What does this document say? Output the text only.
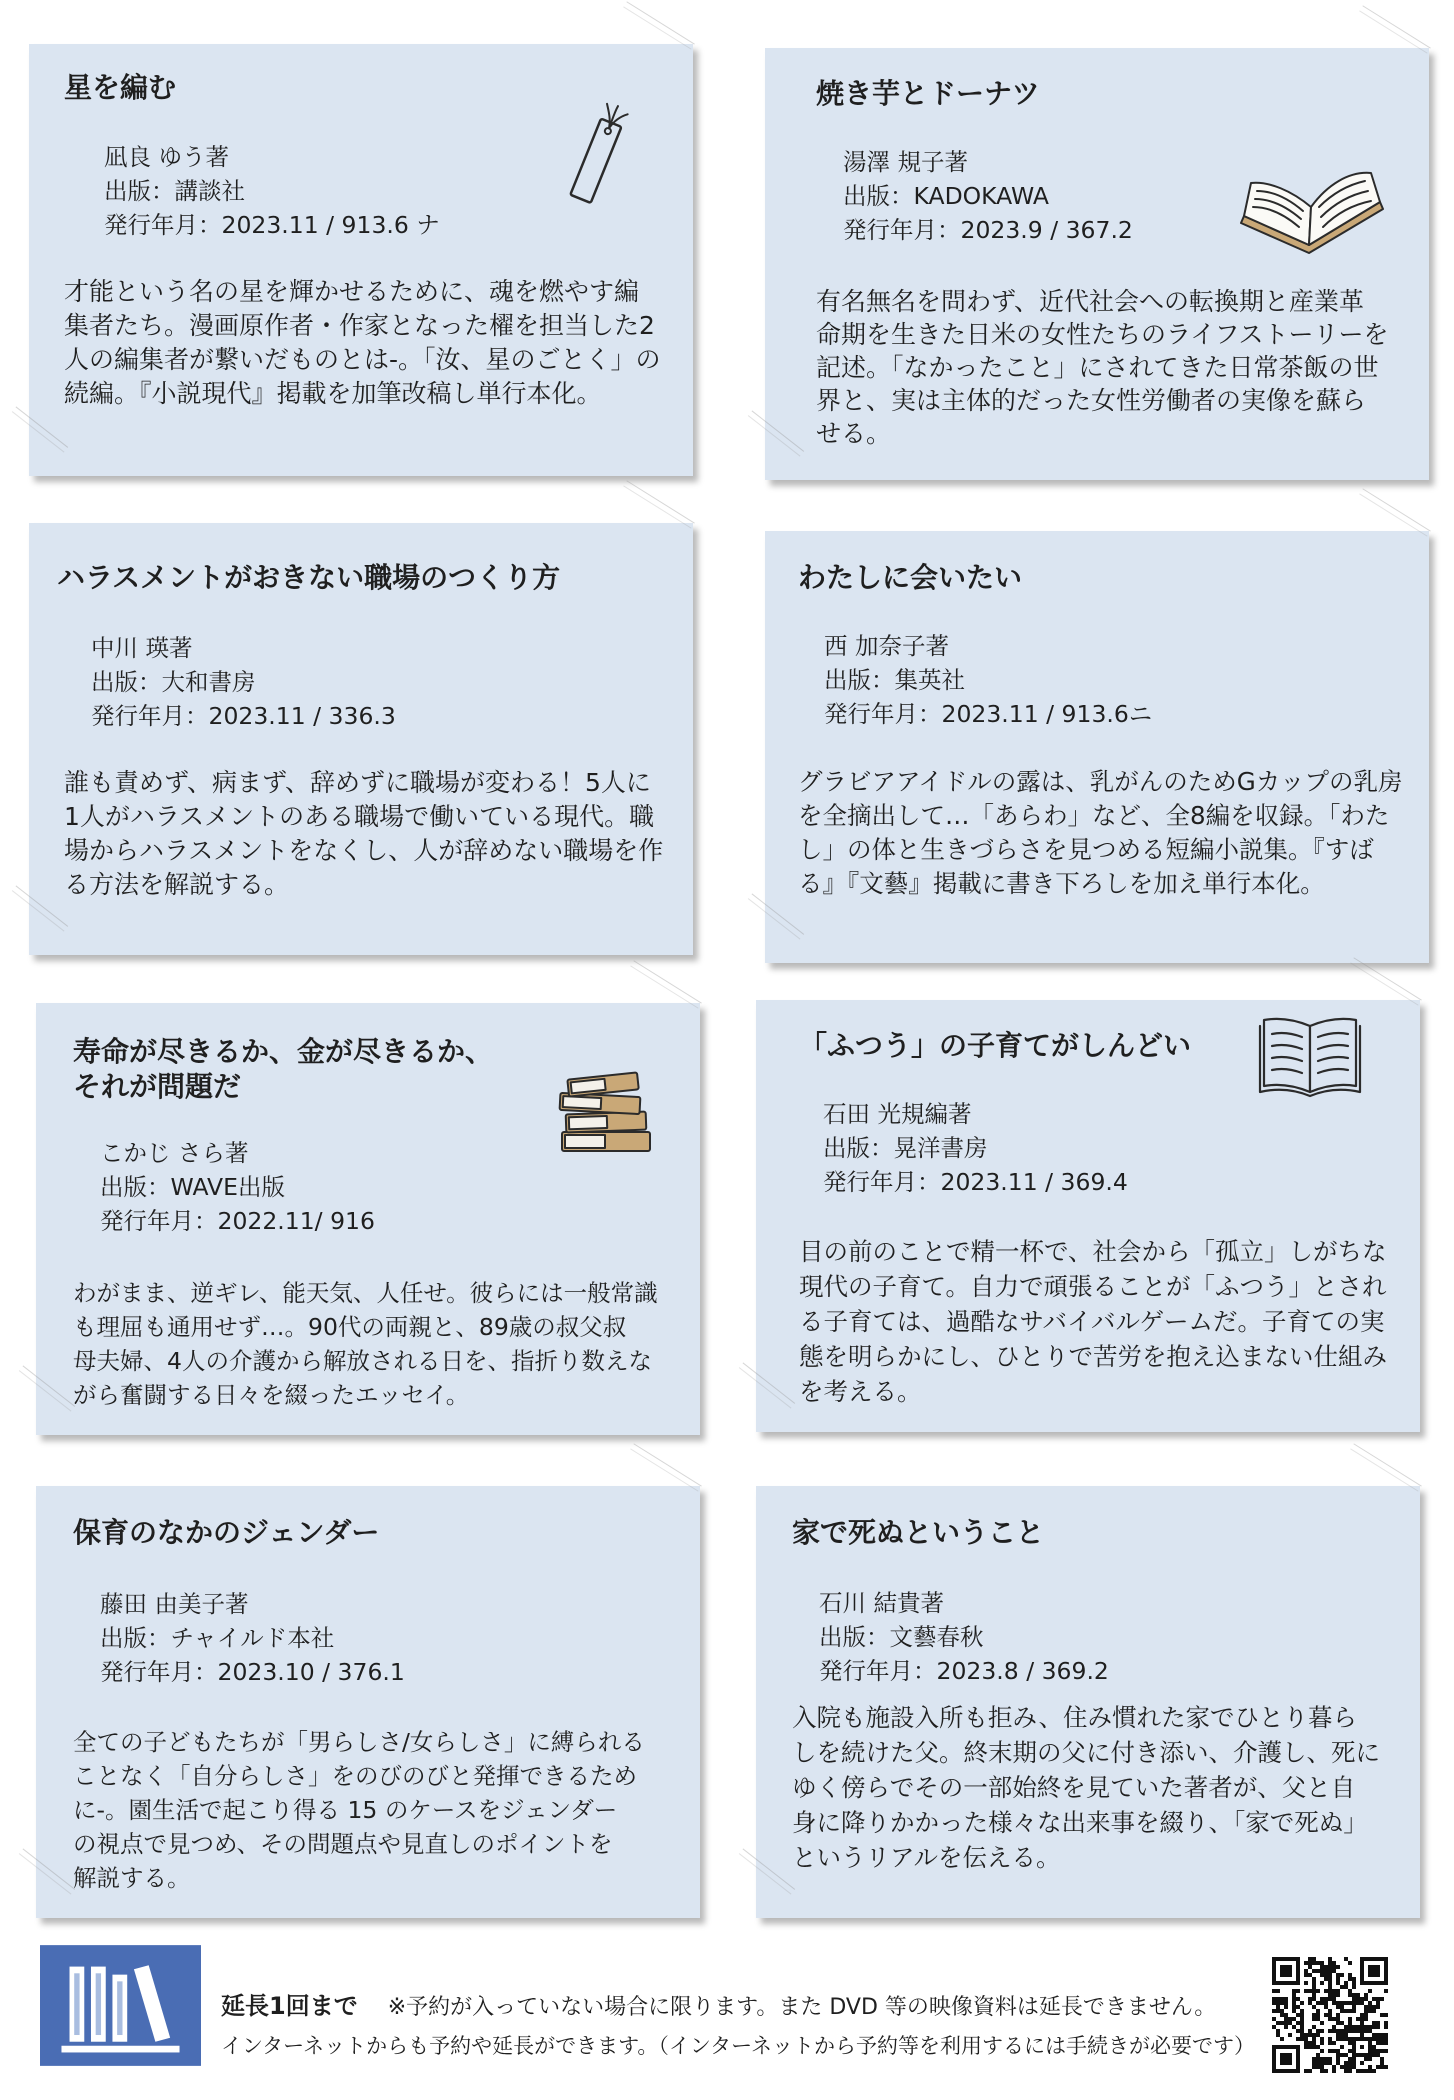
星を編む
凪良 ゆう著
出版：講談社
発行年月：2023.11 / 913.6 ナ
才能という名の星を輝かせるために、魂を燃やす編
集者たち。漫画原作者・作家となった櫂を担当した2
人の編集者が繋いだものとは-。「汝、星のごとく」の
続編。『小説現代』掲載を加筆改稿し単行本化。
焼き芋とドーナツ
湯澤 規子著
出版：KADOKAWA
発行年月：2023.9 / 367.2
有名無名を問わず、近代社会への転換期と産業革
命期を生きた日米の女性たちのライフストーリーを
記述。「なかったこと」にされてきた日常茶飯の世
界と、実は主体的だった女性労働者の実像を蘇ら
せる。
ハラスメントがおきない職場のつくり方
中川 瑛著
出版：大和書房
発行年月：2023.11 / 336.3
誰も責めず、病まず、辞めずに職場が変わる！5人に
1人がハラスメントのある職場で働いている現代。職
場からハラスメントをなくし、人が辞めない職場を作
る方法を解説する。
わたしに会いたい
西 加奈子著
出版：集英社
発行年月：2023.11 / 913.6ニ
グラビアアイドルの露は、乳がんのためGカップの乳房
を全摘出して…「あらわ」など、全8編を収録。「わた
し」の体と生きづらさを見つめる短編小説集。『すば
る』『文藝』掲載に書き下ろしを加え単行本化。
寿命が尽きるか、金が尽きるか、
それが問題だ
こかじ さら著
出版：WAVE出版
発行年月：2022.11/ 916
わがまま、逆ギレ、能天気、人任せ。彼らには一般常識
も理屈も通用せず…。90代の両親と、89歳の叔父叔
母夫婦、4人の介護から解放される日を、指折り数えな
がら奮闘する日々を綴ったエッセイ。
「ふつう」の子育てがしんどい
石田 光規編著
出版：晃洋書房
発行年月：2023.11 / 369.4
目の前のことで精一杯で、社会から「孤立」しがちな
現代の子育て。自力で頑張ることが「ふつう」とされ
る子育ては、過酷なサバイバルゲームだ。子育ての実
態を明らかにし、ひとりで苦労を抱え込まない仕組み
を考える。
保育のなかのジェンダー
藤田 由美子著
出版：チャイルド本社
発行年月：2023.10 / 376.1
全ての子どもたちが「男らしさ/女らしさ」に縛られる
ことなく「自分らしさ」をのびのびと発揮できるため
に-。園生活で起こり得る 15 のケースをジェンダー
の視点で見つめ、その問題点や見直しのポイントを
解説する。
家で死ぬということ
石川 結貴著
出版：文藝春秋
発行年月：2023.8 / 369.2
入院も施設入所も拒み、住み慣れた家でひとり暮ら
しを続けた父。終末期の父に付き添い、介護し、死に
ゆく傍らでその一部始終を見ていた著者が、父と自
身に降りかかった様々な出来事を綴り、「家で死ぬ」
というリアルを伝える。
延長1回まで ※予約が入っていない場合に限ります。また DVD 等の映像資料は延長できません。
インターネットからも予約や延長ができます。（インターネットから予約等を利用するには手続きが必要です）
